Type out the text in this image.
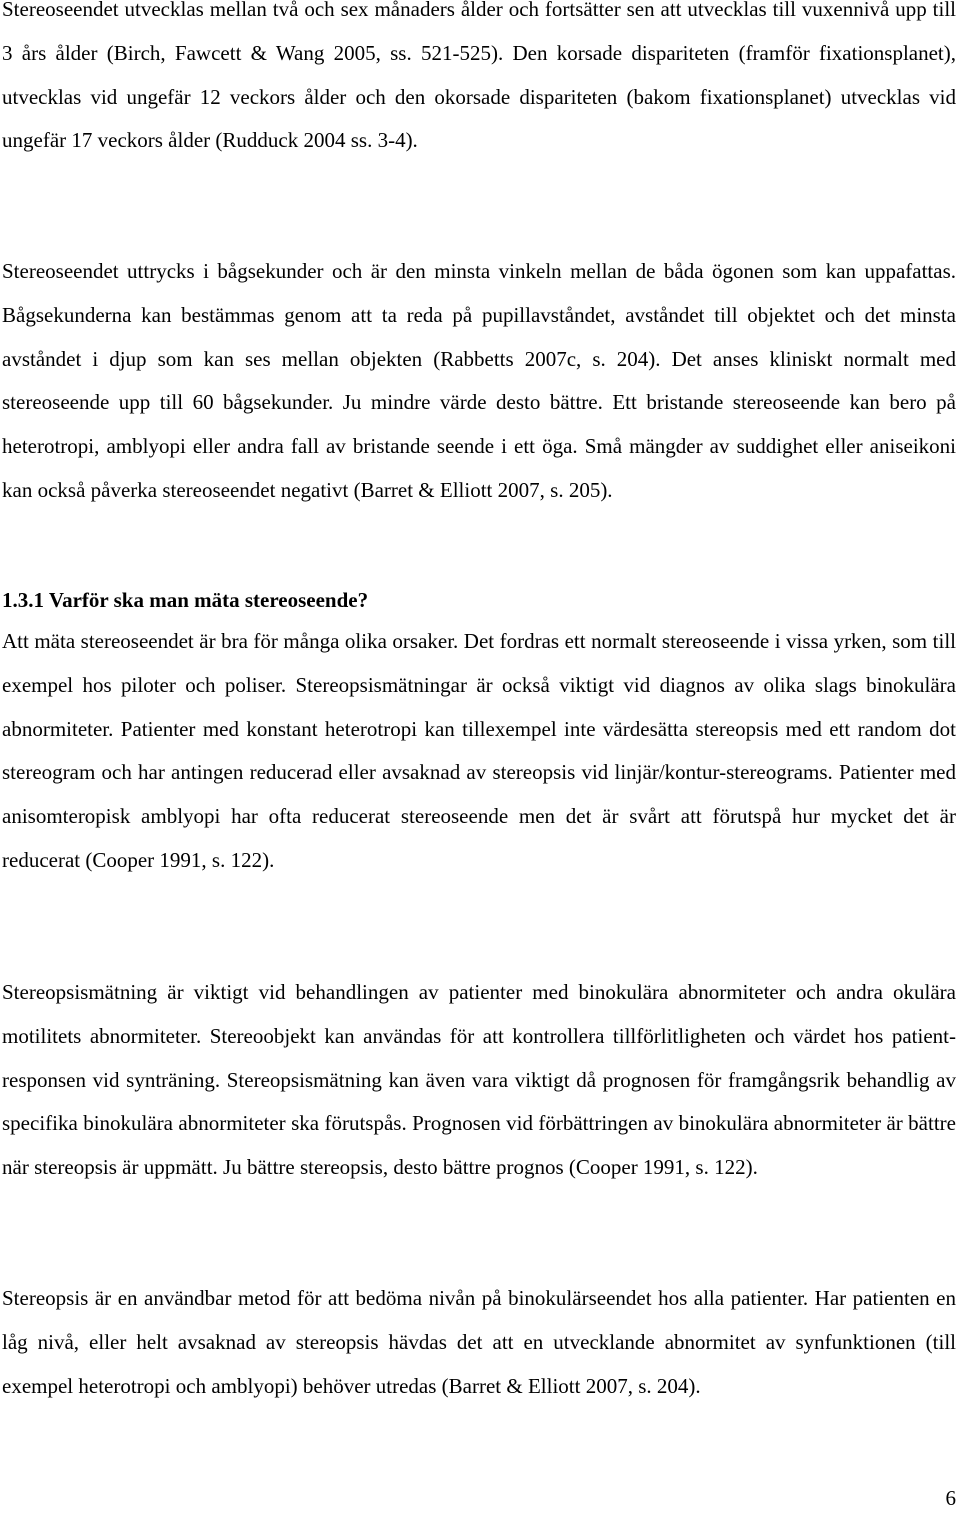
Stereoseendet utvecklas mellan två och sex månaders ålder och fortsätter sen att utvecklas till vuxennivå upp till 3 års ålder (Birch, Fawcett & Wang 2005, ss. 521-525). Den korsade dispariteten (framför fixationsplanet), utvecklas vid ungefär 12 veckors ålder och den okorsade dispariteten (bakom fixationsplanet) utvecklas vid ungefär 17 veckors ålder (Rudduck 2004 ss. 3-4).

Stereoseendet uttrycks i bågsekunder och är den minsta vinkeln mellan de båda ögonen som kan uppafattas. Bågsekunderna kan bestämmas genom att ta reda på pupillavståndet, avståndet till objektet och det minsta avståndet i djup som kan ses mellan objekten (Rabbetts 2007c, s. 204). Det anses kliniskt normalt med stereoseende upp till 60 bågsekunder. Ju mindre värde desto bättre. Ett bristande stereoseende kan bero på heterotropi, amblyopi eller andra fall av bristande seende i ett öga. Små mängder av suddighet eller aniseikoni kan också påverka stereoseendet negativt (Barret & Elliott 2007, s. 205).

1.3.1 Varför ska man mäta stereoseende?

Att mäta stereoseendet är bra för många olika orsaker. Det fordras ett normalt stereoseende i vissa yrken, som till exempel hos piloter och poliser. Stereopsismätningar är också viktigt vid diagnos av olika slags binokulära abnormiteter. Patienter med konstant heterotropi kan tillexempel inte värdesätta stereopsis med ett random dot stereogram och har antingen reducerad eller avsaknad av stereopsis vid linjär/kontur-stereograms. Patienter med anisomteropisk amblyopi har ofta reducerat stereoseende men det är svårt att förutspå hur mycket det är reducerat (Cooper 1991, s. 122).

Stereopsismätning är viktigt vid behandlingen av patienter med binokulära abnormiteter och andra okulära motilitets abnormiteter. Stereoobjekt kan användas för att kontrollera tillförlitligheten och värdet hos patient-responsen vid synträning. Stereopsismätning kan även vara viktigt då prognosen för framgångsrik behandlig av specifika binokulära abnormiteter ska förutspås. Prognosen vid förbättringen av binokulära abnormiteter är bättre när stereopsis är uppmätt. Ju bättre stereopsis, desto bättre prognos (Cooper 1991, s. 122).

Stereopsis är en användbar metod för att bedöma nivån på binokulärseendet hos alla patienter. Har patienten en låg nivå, eller helt avsaknad av stereopsis hävdas det att en utvecklande abnormitet av synfunktionen (till exempel heterotropi och amblyopi) behöver utredas (Barret & Elliott 2007, s. 204).

6
